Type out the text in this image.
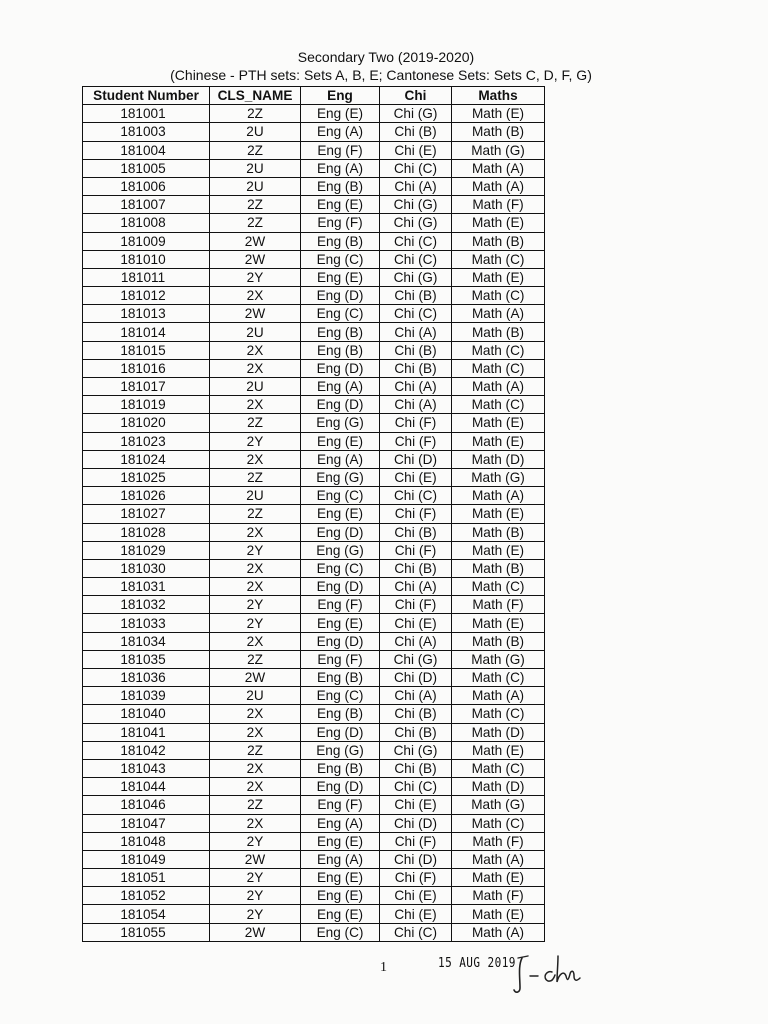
Secondary Two (2019-2020)
(Chinese - PTH sets: Sets A, B, E; Cantonese Sets: Sets C, D, F, G)
Student Number	CLS_NAME	Eng	Chi	Maths
181001	2Z	Eng (E)	Chi (G)	Math (E)
181003	2U	Eng (A)	Chi (B)	Math (B)
181004	2Z	Eng (F)	Chi (E)	Math (G)
181005	2U	Eng (A)	Chi (C)	Math (A)
181006	2U	Eng (B)	Chi (A)	Math (A)
181007	2Z	Eng (E)	Chi (G)	Math (F)
181008	2Z	Eng (F)	Chi (G)	Math (E)
181009	2W	Eng (B)	Chi (C)	Math (B)
181010	2W	Eng (C)	Chi (C)	Math (C)
181011	2Y	Eng (E)	Chi (G)	Math (E)
181012	2X	Eng (D)	Chi (B)	Math (C)
181013	2W	Eng (C)	Chi (C)	Math (A)
181014	2U	Eng (B)	Chi (A)	Math (B)
181015	2X	Eng (B)	Chi (B)	Math (C)
181016	2X	Eng (D)	Chi (B)	Math (C)
181017	2U	Eng (A)	Chi (A)	Math (A)
181019	2X	Eng (D)	Chi (A)	Math (C)
181020	2Z	Eng (G)	Chi (F)	Math (E)
181023	2Y	Eng (E)	Chi (F)	Math (E)
181024	2X	Eng (A)	Chi (D)	Math (D)
181025	2Z	Eng (G)	Chi (E)	Math (G)
181026	2U	Eng (C)	Chi (C)	Math (A)
181027	2Z	Eng (E)	Chi (F)	Math (E)
181028	2X	Eng (D)	Chi (B)	Math (B)
181029	2Y	Eng (G)	Chi (F)	Math (E)
181030	2X	Eng (C)	Chi (B)	Math (B)
181031	2X	Eng (D)	Chi (A)	Math (C)
181032	2Y	Eng (F)	Chi (F)	Math (F)
181033	2Y	Eng (E)	Chi (E)	Math (E)
181034	2X	Eng (D)	Chi (A)	Math (B)
181035	2Z	Eng (F)	Chi (G)	Math (G)
181036	2W	Eng (B)	Chi (D)	Math (C)
181039	2U	Eng (C)	Chi (A)	Math (A)
181040	2X	Eng (B)	Chi (B)	Math (C)
181041	2X	Eng (D)	Chi (B)	Math (D)
181042	2Z	Eng (G)	Chi (G)	Math (E)
181043	2X	Eng (B)	Chi (B)	Math (C)
181044	2X	Eng (D)	Chi (C)	Math (D)
181046	2Z	Eng (F)	Chi (E)	Math (G)
181047	2X	Eng (A)	Chi (D)	Math (C)
181048	2Y	Eng (E)	Chi (F)	Math (F)
181049	2W	Eng (A)	Chi (D)	Math (A)
181051	2Y	Eng (E)	Chi (F)	Math (E)
181052	2Y	Eng (E)	Chi (E)	Math (F)
181054	2Y	Eng (E)	Chi (E)	Math (E)
181055	2W	Eng (C)	Chi (C)	Math (A)
1	15 AUG 2019
